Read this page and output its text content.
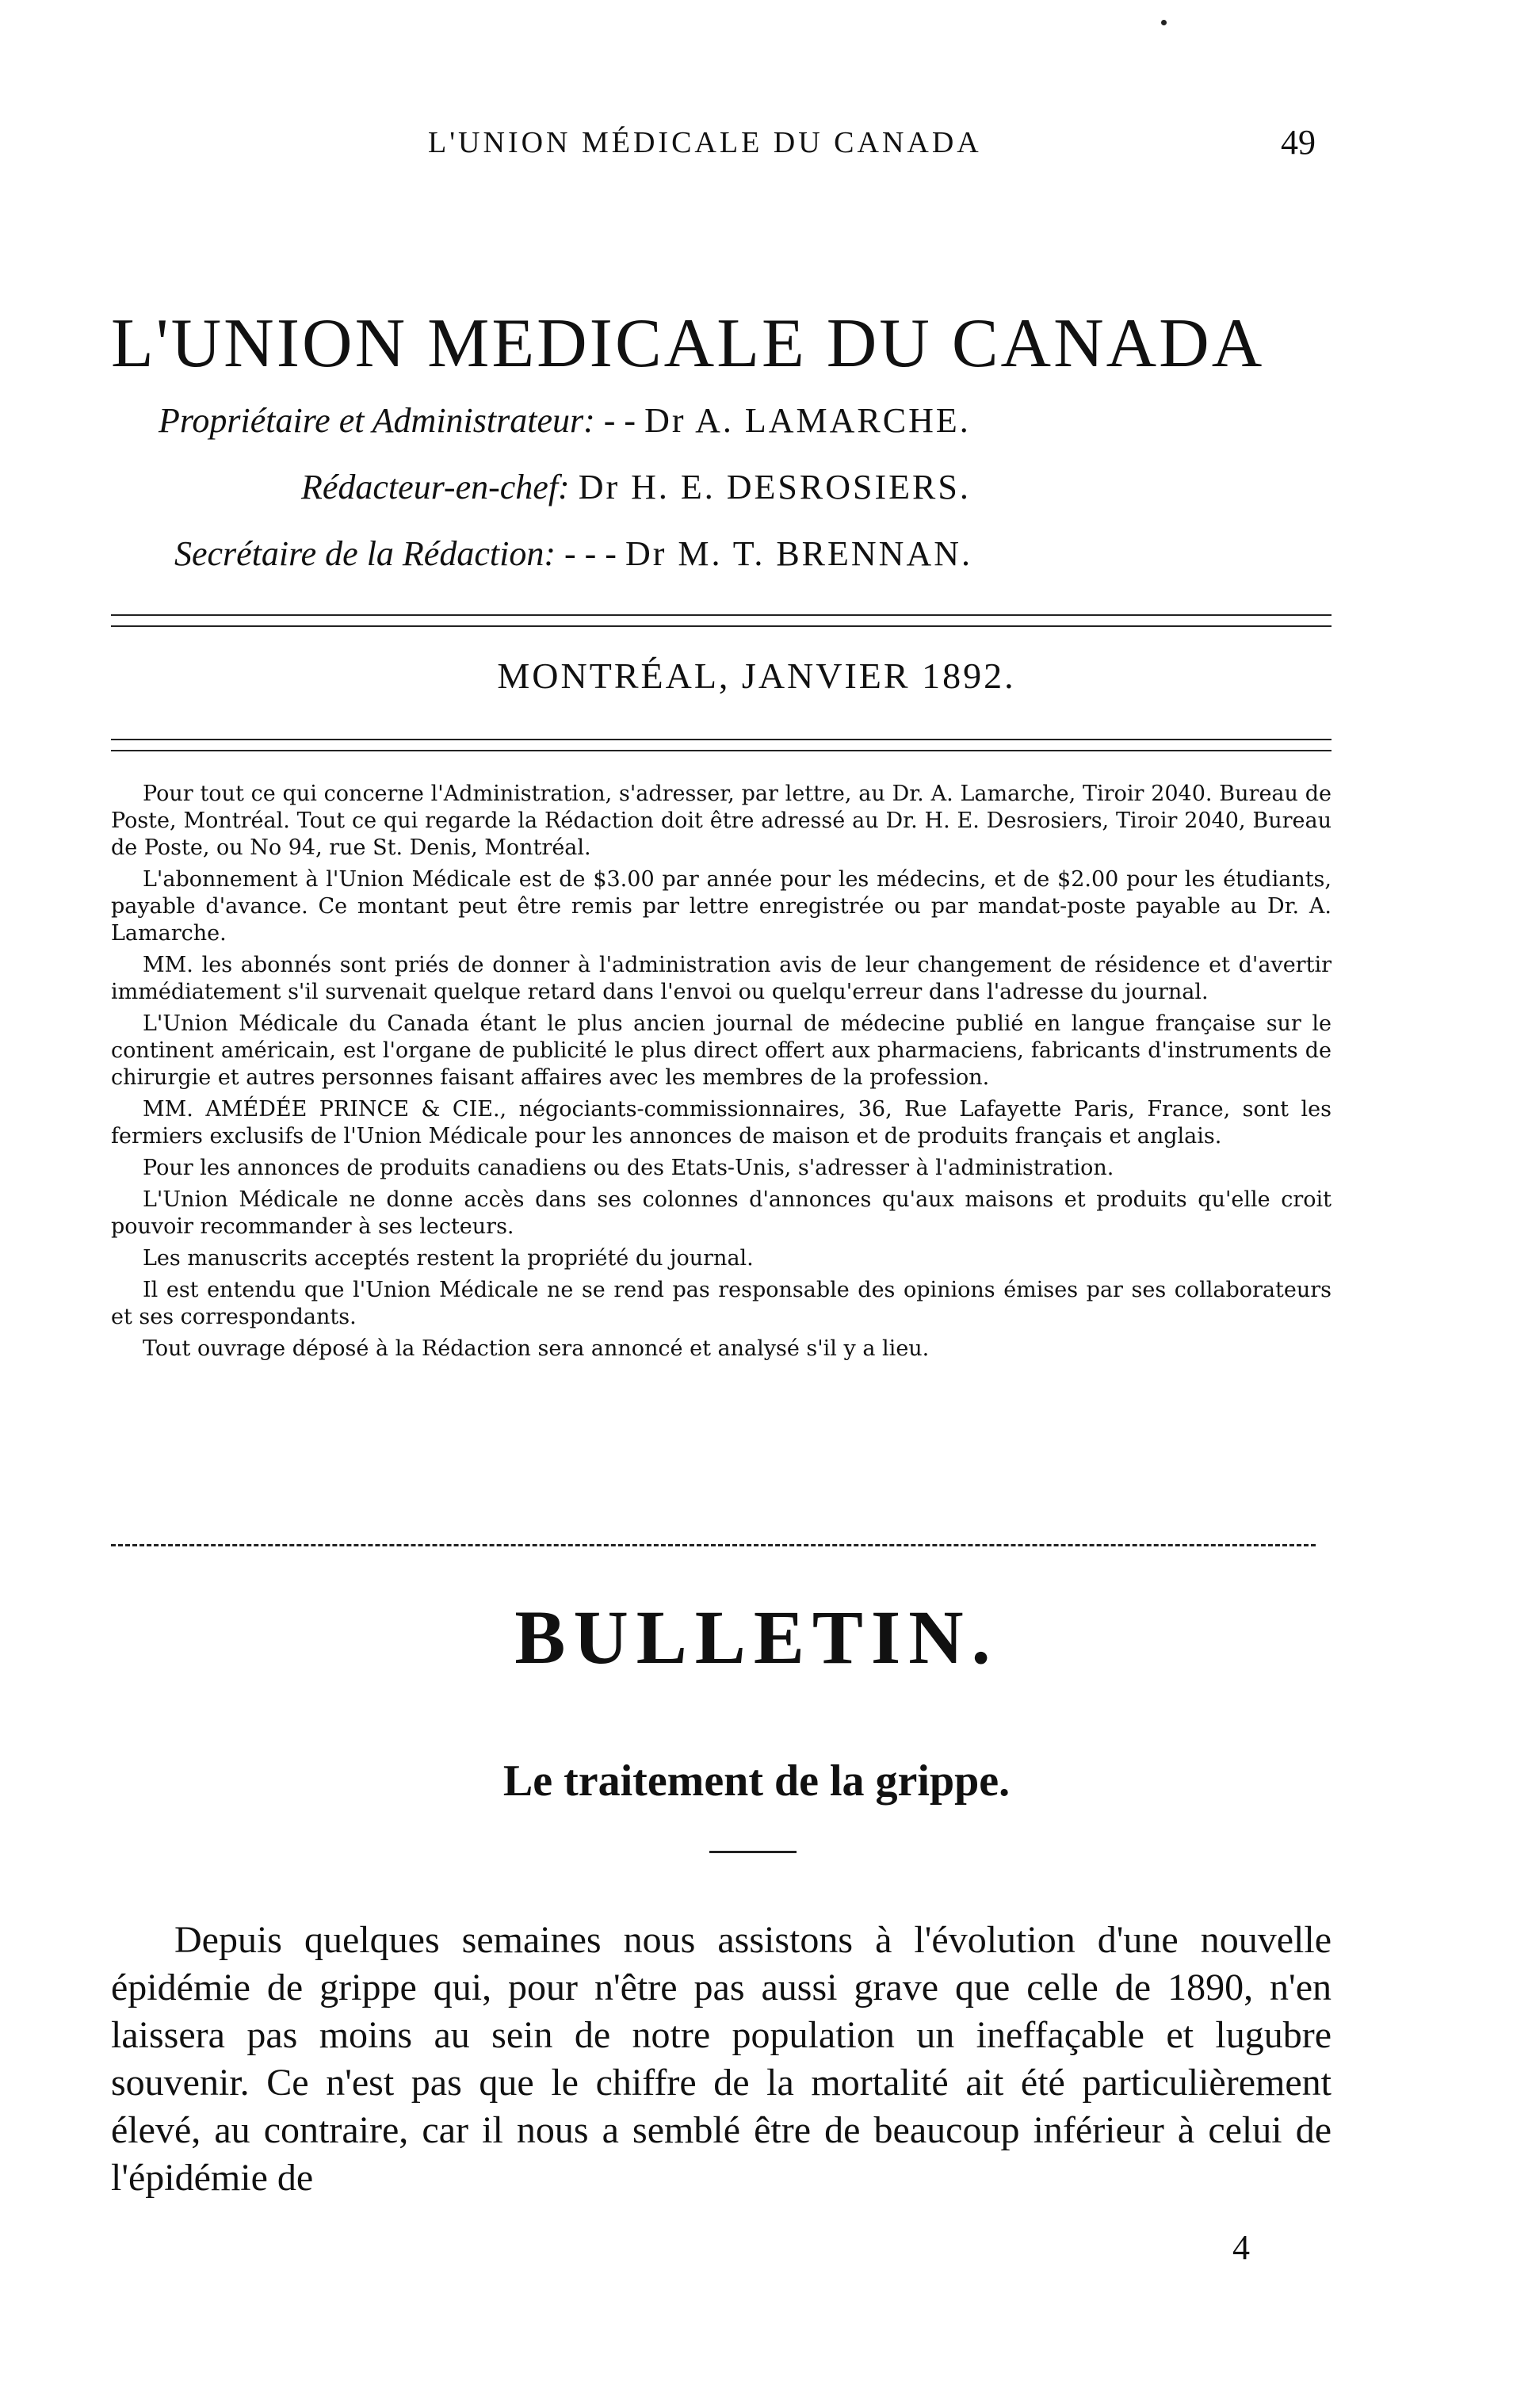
L'UNION MÉDICALE DU CANADA	49
L'UNION MEDICALE DU CANADA
Propriétaire et Administrateur: - - Dr A. LAMARCHE.
Rédacteur-en-chef: Dr H. E. DESROSIERS.
Secrétaire de la Rédaction: - - - Dr M. T. BRENNAN.
MONTRÉAL, JANVIER 1892.

Pour tout ce qui concerne l'Administration, s'adresser, par lettre, au Dr. A. Lamarche, Tiroir 2040. Bureau de Poste, Montréal. Tout ce qui regarde la Rédaction doit être adressé au Dr. H. E. Desrosiers, Tiroir 2040, Bureau de Poste, ou No 94, rue St. Denis, Montréal.

L'abonnement à l'Union Médicale est de $3.00 par année pour les médecins, et de $2.00 pour les étudiants, payable d'avance. Ce montant peut être remis par lettre enregistrée ou par mandat-poste payable au Dr. A. Lamarche.

MM. les abonnés sont priés de donner à l'administration avis de leur changement de résidence et d'avertir immédiatement s'il survenait quelque retard dans l'envoi ou quelqu'erreur dans l'adresse du journal.

L'Union Médicale du Canada étant le plus ancien journal de médecine publié en langue française sur le continent américain, est l'organe de publicité le plus direct offert aux pharmaciens, fabricants d'instruments de chirurgie et autres personnes faisant affaires avec les membres de la profession.

MM. AMÉDÉE PRINCE & CIE., négociants-commissionnaires, 36, Rue Lafayette Paris, France, sont les fermiers exclusifs de l'Union Médicale pour les annonces de maison et de produits français et anglais.

Pour les annonces de produits canadiens ou des Etats-Unis, s'adresser à l'administration.

L'Union Médicale ne donne accès dans ses colonnes d'annonces qu'aux maisons et produits qu'elle croit pouvoir recommander à ses lecteurs.

Les manuscrits acceptés restent la propriété du journal.

Il est entendu que l'Union Médicale ne se rend pas responsable des opinions émises par ses collaborateurs et ses correspondants.

Tout ouvrage déposé à la Rédaction sera annoncé et analysé s'il y a lieu.

BULLETIN.
Le traitement de la grippe.

Depuis quelques semaines nous assistons à l'évolution d'une nouvelle épidémie de grippe qui, pour n'être pas aussi grave que celle de 1890, n'en laissera pas moins au sein de notre population un ineffaçable et lugubre souvenir. Ce n'est pas que le chiffre de la mortalité ait été particulièrement élevé, au contraire, car il nous a semblé être de beaucoup inférieur à celui de l'épidémie de

4
